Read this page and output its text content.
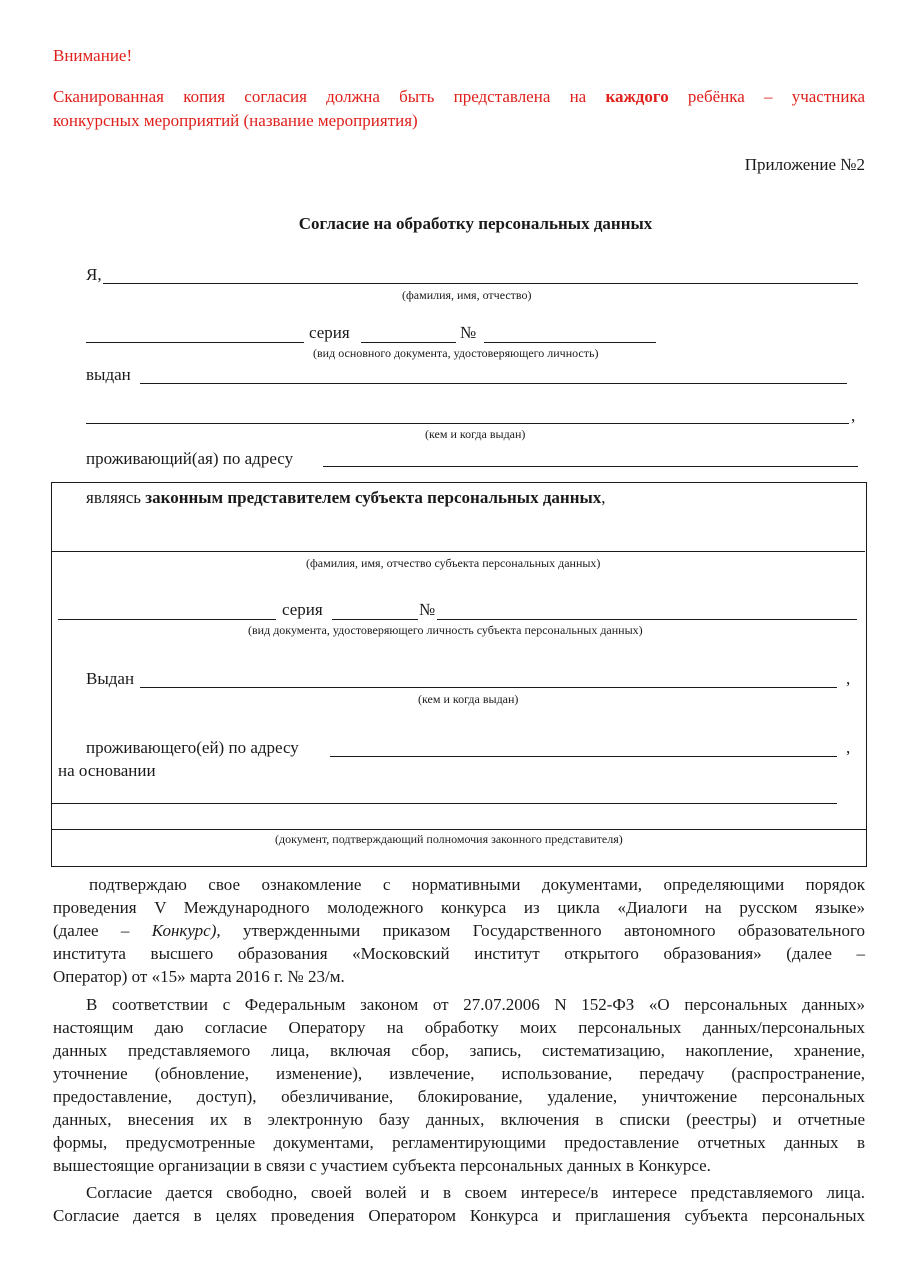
Внимание!
Сканированная копия согласия должна быть представлена на каждого ребёнка – участника
конкурсных мероприятий (название мероприятия)
Приложение №2
Согласие на обработку персональных данных
Я,
(фамилия, имя, отчество)
серия	№
(вид основного документа, удостоверяющего личность)
выдан
,
(кем и когда выдан)
проживающий(ая) по адресу
являясь законным представителем субъекта персональных данных,
(фамилия, имя, отчество субъекта персональных данных)
серия	№
(вид документа, удостоверяющего личность субъекта персональных данных)
Выдан	,
(кем и когда выдан)
проживающего(ей) по адресу	,
на основании
(документ, подтверждающий полномочия законного представителя)
подтверждаю свое ознакомление с нормативными документами, определяющими порядок
проведения V Международного молодежного конкурса из цикла «Диалоги на русском языке»
(далее – Конкурс), утвержденными приказом Государственного автономного образовательного
институтa высшего образования «Московский институт открытого образования» (далее –
Оператор) от «15» марта 2016 г. № 23/м.
В соответствии с Федеральным законом от 27.07.2006 N 152-ФЗ «О персональных данных»
настоящим даю согласие Оператору на обработку моих персональных данных/персональных
данных представляемого лица, включая сбор, запись, систематизацию, накопление, хранение,
уточнение (обновление, изменение), извлечение, использование, передачу (распространение,
предоставление, доступ), обезличивание, блокирование, удаление, уничтожение персональных
данных, внесения их в электронную базу данных, включения в списки (реестры) и отчетные
формы, предусмотренные документами, регламентирующими предоставление отчетных данных в
вышестоящие организации в связи с участием субъекта персональных данных в Конкурсе.
Согласие дается свободно, своей волей и в своем интересе/в интересе представляемого лица.
Согласие дается в целях проведения Оператором Конкурса и приглашения субъекта персональных
